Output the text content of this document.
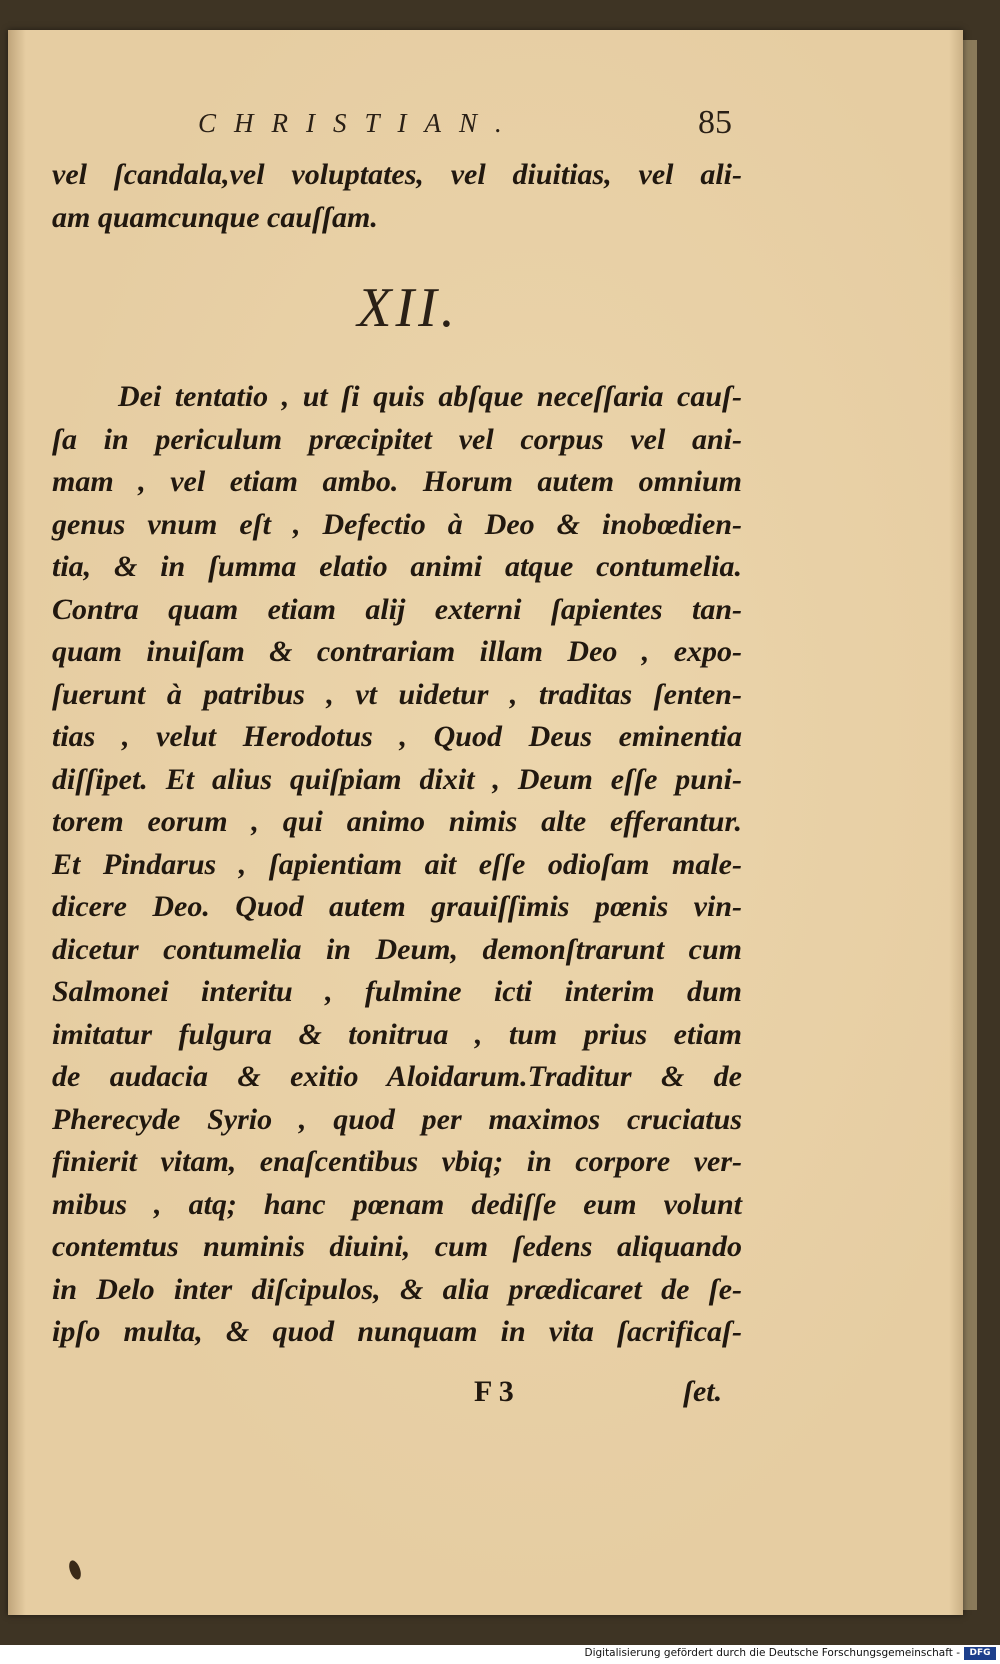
CHRISTIAN.	85
vel ſcandala,vel voluptates, vel diuitias, vel ali-
am quamcunque cauſſam.
XII.
Dei tentatio , ut ſi quis abſque neceſſaria cauſ-
ſa in periculum præcipitet vel corpus vel ani-
mam , vel etiam ambo. Horum autem omnium
genus vnum eſt , Defectio à Deo & inobœdien-
tia, & in ſumma elatio animi atque contumelia.
Contra quam etiam alij externi ſapientes tan-
quam inuiſam & contrariam illam Deo , expo-
ſuerunt à patribus , vt uidetur , traditas ſenten-
tias , velut Herodotus , Quod Deus eminentia
diſſipet. Et alius quiſpiam dixit , Deum eſſe puni-
torem eorum , qui animo nimis alte efferantur.
Et Pindarus , ſapientiam ait eſſe odioſam male-
dicere Deo. Quod autem grauiſſimis pœnis vin-
dicetur contumelia in Deum, demonſtrarunt cum
Salmonei interitu , fulmine icti interim dum
imitatur fulgura & tonitrua , tum prius etiam
de audacia & exitio Aloidarum.Traditur & de
Pherecyde Syrio , quod per maximos cruciatus
finierit vitam, enaſcentibus vbiq; in corpore ver-
mibus , atq; hanc pœnam dediſſe eum volunt
contemtus numinis diuini, cum ſedens aliquando
in Delo inter diſcipulos, & alia prædicaret de ſe-
ipſo multa, & quod nunquam in vita ſacrificaſ-
F 3	ſet.
Digitalisierung gefördert durch die Deutsche Forschungsgemeinschaft -	DFG
